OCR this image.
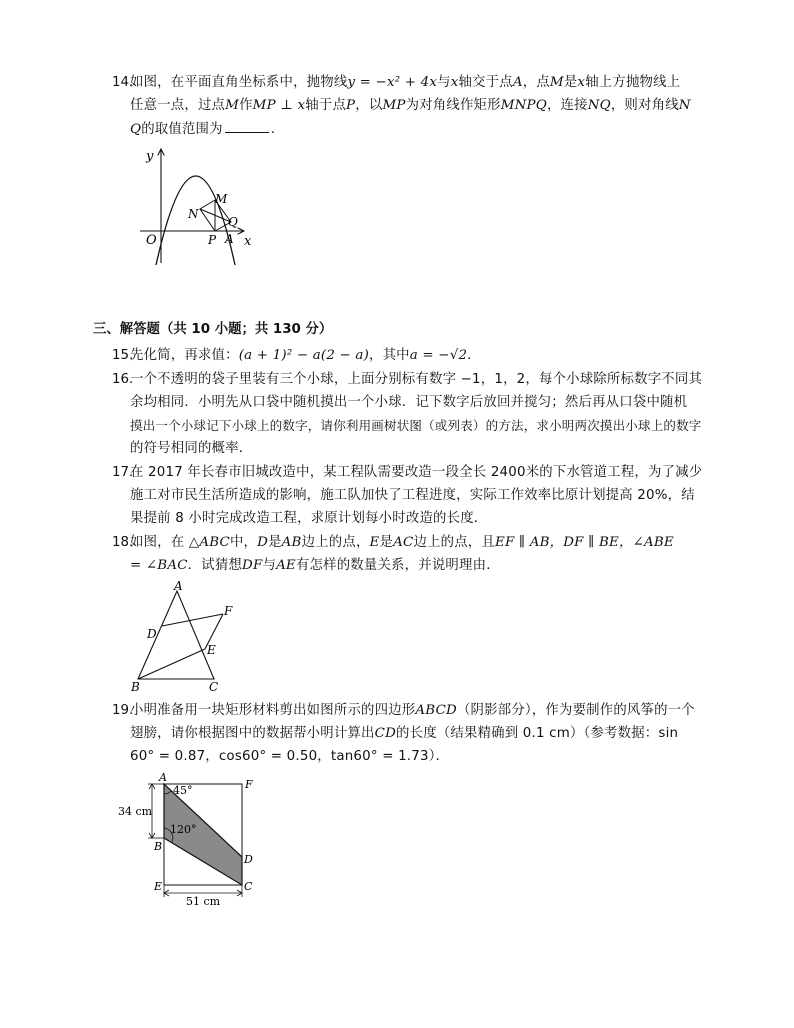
14.
如图，在平面直角坐标系中，抛物线y = −x² + 4x与x轴交于点A，点M是x轴上方抛物线上
任意一点，过点M作MP ⊥ x轴于点P，以MP为对角线作矩形MNPQ，连接NQ，则对角线N
Q的取值范围为	.
y
x
O	P A
M
N
Q
三、解答题（共 10 小题；共 130 分）
15.
先化简，再求值：(a + 1)² − a(2 − a)，其中a = −√2.
16.
一个不透明的袋子里装有三个小球，上面分别标有数字 −1，1，2，每个小球除所标数字不同其
余均相同．小明先从口袋中随机摸出一个小球．记下数字后放回并搅匀；然后再从口袋中随机
摸出一个小球记下小球上的数字，请你利用画树状图（或列表）的方法，求小明两次摸出小球上的数字
的符号相同的概率．
17.
在 2017 年长春市旧城改造中，某工程队需要改造一段全长 2400米的下水管道工程，为了减少
施工对市民生活所造成的影响，施工队加快了工程进度，实际工作效率比原计划提高 20%，结
果提前 8 小时完成改造工程，求原计划每小时改造的长度．
18.
如图，在 △ABC中，D是AB边上的点，E是AC边上的点，且EF ∥ AB，DF ∥ BE，∠ABE
= ∠BAC．试猜想DF与AE有怎样的数量关系，并说明理由．
A
B	C
D
E
F
19.
小明准备用一块矩形材料剪出如图所示的四边形ABCD（阴影部分），作为要制作的风筝的一个
翅膀，请你根据图中的数据帮小明计算出CD的长度（结果精确到 0.1 cm）（参考数据：sin
60° = 0.87，cos60° = 0.50，tan60° = 1.73）．
A
F
B
D
E	C
45°
120°
34 cm
51 cm
